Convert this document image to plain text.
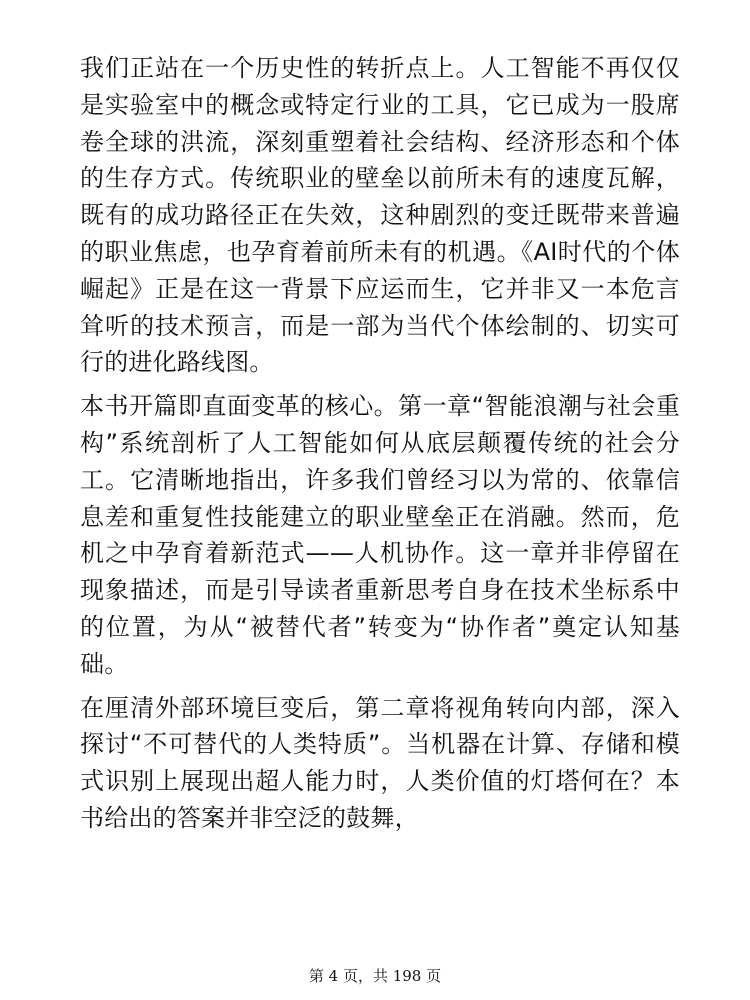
我们正站在一个历史性的转折点上。人工智能不再仅仅是实验室中的概念或特定行业的工具，它已成为一股席卷全球的洪流，深刻重塑着社会结构、经济形态和个体的生存方式。传统职业的壁垒以前所未有的速度瓦解，既有的成功路径正在失效，这种剧烈的变迁既带来普遍的职业焦虑，也孕育着前所未有的机遇。《AI时代的个体崛起》正是在这一背景下应运而生，它并非又一本危言耸听的技术预言，而是一部为当代个体绘制的、切实可行的进化路线图。

本书开篇即直面变革的核心。第一章“智能浪潮与社会重构”系统剖析了人工智能如何从底层颠覆传统的社会分工。它清晰地指出，许多我们曾经习以为常的、依靠信息差和重复性技能建立的职业壁垒正在消融。然而，危机之中孕育着新范式——人机协作。这一章并非停留在现象描述，而是引导读者重新思考自身在技术坐标系中的位置，为从“被替代者”转变为“协作者”奠定认知基础。

在厘清外部环境巨变后，第二章将视角转向内部，深入探讨“不可替代的人类特质”。当机器在计算、存储和模式识别上展现出超人能力时，人类价值的灯塔何在？本书给出的答案并非空泛的鼓舞，

第 4 页，共 198 页
